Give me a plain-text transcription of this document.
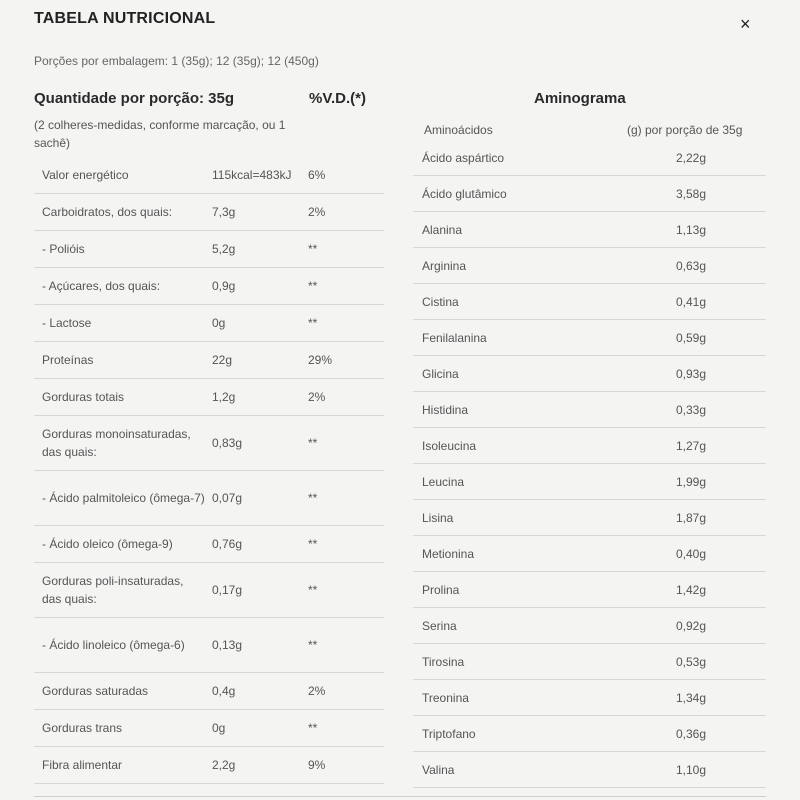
TABELA NUTRICIONAL	×
Porções por embalagem: 1 (35g); 12 (35g); 12 (450g)
Quantidade por porção: 35g	%V.D.(*)
(2 colheres-medidas, conforme marcação, ou 1 sachê)
Valor energético	115kcal=483kJ	6%
Carboidratos, dos quais:	7,3g	2%
- Polióis	5,2g	**
- Açúcares, dos quais:	0,9g	**
- Lactose	0g	**
Proteínas	22g	29%
Gorduras totais	1,2g	2%
Gorduras monoinsaturadas, das quais:	0,83g	**
- Ácido palmitoleico (ômega-7)	0,07g	**
- Ácido oleico (ômega-9)	0,76g	**
Gorduras poli-insaturadas, das quais:	0,17g	**
- Ácido linoleico (ômega-6)	0,13g	**
Gorduras saturadas	0,4g	2%
Gorduras trans	0g	**
Fibra alimentar	2,2g	9%
Aminograma
Aminoácidos	(g) por porção de 35g
Ácido aspártico	2,22g
Ácido glutâmico	3,58g
Alanina	1,13g
Arginina	0,63g
Cistina	0,41g
Fenilalanina	0,59g
Glicina	0,93g
Histidina	0,33g
Isoleucina	1,27g
Leucina	1,99g
Lisina	1,87g
Metionina	0,40g
Prolina	1,42g
Serina	0,92g
Tirosina	0,53g
Treonina	1,34g
Triptofano	0,36g
Valina	1,10g
